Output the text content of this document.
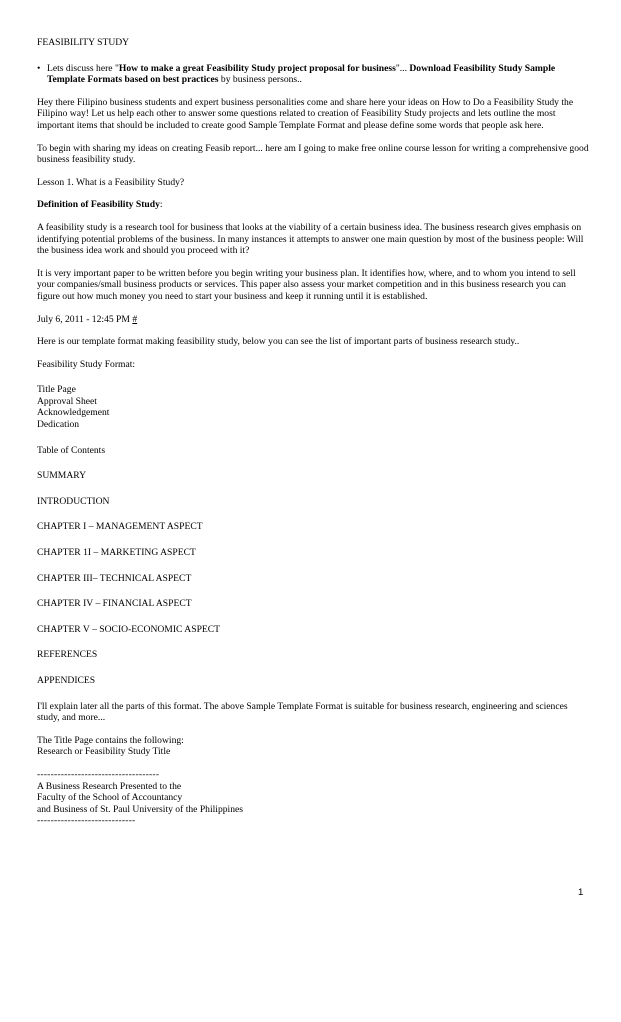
FEASIBILITY STUDY

• Lets discuss here "How to make a great Feasibility Study project proposal for business"... Download Feasibility Study Sample Template Formats based on best practices by business persons..

Hey there Filipino business students and expert business personalities come and share here your ideas on How to Do a Feasibility Study the Filipino way! Let us help each other to answer some questions related to creation of Feasibility Study projects and lets outline the most important items that should be included to create good Sample Template Format and please define some words that people ask here.

To begin with sharing my ideas on creating Feasib report... here am I going to make free online course lesson for writing a comprehensive good business feasibility study.

Lesson 1. What is a Feasibility Study?

Definition of Feasibility Study:

A feasibility study is a research tool for business that looks at the viability of a certain business idea. The business research gives emphasis on identifying potential problems of the business. In many instances it attempts to answer one main question by most of the business people: Will the business idea work and should you proceed with it?

It is very important paper to be written before you begin writing your business plan. It identifies how, where, and to whom you intend to sell your companies/small business products or services. This paper also assess your market competition and in this business research you can figure out how much money you need to start your business and keep it running until it is established.

July 6, 2011 - 12:45 PM #

Here is our template format making feasibility study, below you can see the list of important parts of business research study..

Feasibility Study Format:

Title Page
Approval Sheet
Acknowledgement
Dedication

Table of Contents

SUMMARY

INTRODUCTION

CHAPTER I – MANAGEMENT ASPECT

CHAPTER 1I – MARKETING ASPECT

CHAPTER III– TECHNICAL ASPECT

CHAPTER IV – FINANCIAL ASPECT

CHAPTER V – SOCIO-ECONOMIC ASPECT

REFERENCES

APPENDICES

I'll explain later all the parts of this format. The above Sample Template Format is suitable for business research, engineering and sciences study, and more...

The Title Page contains the following:
Research or Feasibility Study Title

------------------------------------
A Business Research Presented to the
Faculty of the School of Accountancy
and Business of St. Paul University of the Philippines
-----------------------------

1
